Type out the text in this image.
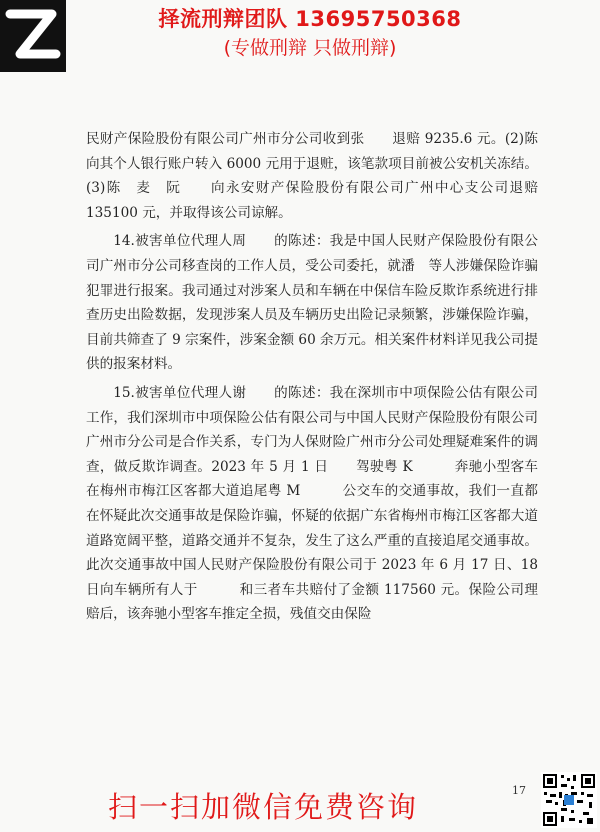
择流刑辩团队 13695750368
(专做刑辩 只做刑辩)

民财产保险股份有限公司广州市分公司收到张　　退赔 9235.6 元。(2)陈　　向其个人银行账户转入 6000 元用于退赃，该笔款项目前被公安机关冻结。(3)陈　麦　阮　　向永安财产保险股份有限公司广州中心支公司退赔 135100 元，并取得该公司谅解。

14.被害单位代理人周　　的陈述：我是中国人民财产保险股份有限公司广州市分公司移查岗的工作人员，受公司委托，就潘　等人涉嫌保险诈骗犯罪进行报案。我司通过对涉案人员和车辆在中保信车险反欺诈系统进行排查历史出险数据，发现涉案人员及车辆历史出险记录频繁，涉嫌保险诈骗，目前共筛查了 9 宗案件，涉案金额 60 余万元。相关案件材料详见我公司提供的报案材料。

15.被害单位代理人谢　　的陈述：我在深圳市中项保险公估有限公司工作，我们深圳市中项保险公估有限公司与中国人民财产保险股份有限公司广州市分公司是合作关系，专门为人保财险广州市分公司处理疑难案件的调查，做反欺诈调查。2023 年 5 月 1 日　　驾驶粤 K　　　奔驰小型客车在梅州市梅江区客都大道追尾粤 M　　　公交车的交通事故，我们一直都在怀疑此次交通事故是保险诈骗，怀疑的依据广东省梅州市梅江区客都大道道路宽阔平整，道路交通并不复杂，发生了这么严重的直接追尾交通事故。此次交通事故中国人民财产保险股份有限公司于 2023 年 6 月 17 日、18 日向车辆所有人于　　　和三者车共赔付了金额 117560 元。保险公司理赔后，该奔驰小型客车推定全损，残值交由保险

17
扫一扫加微信免费咨询
